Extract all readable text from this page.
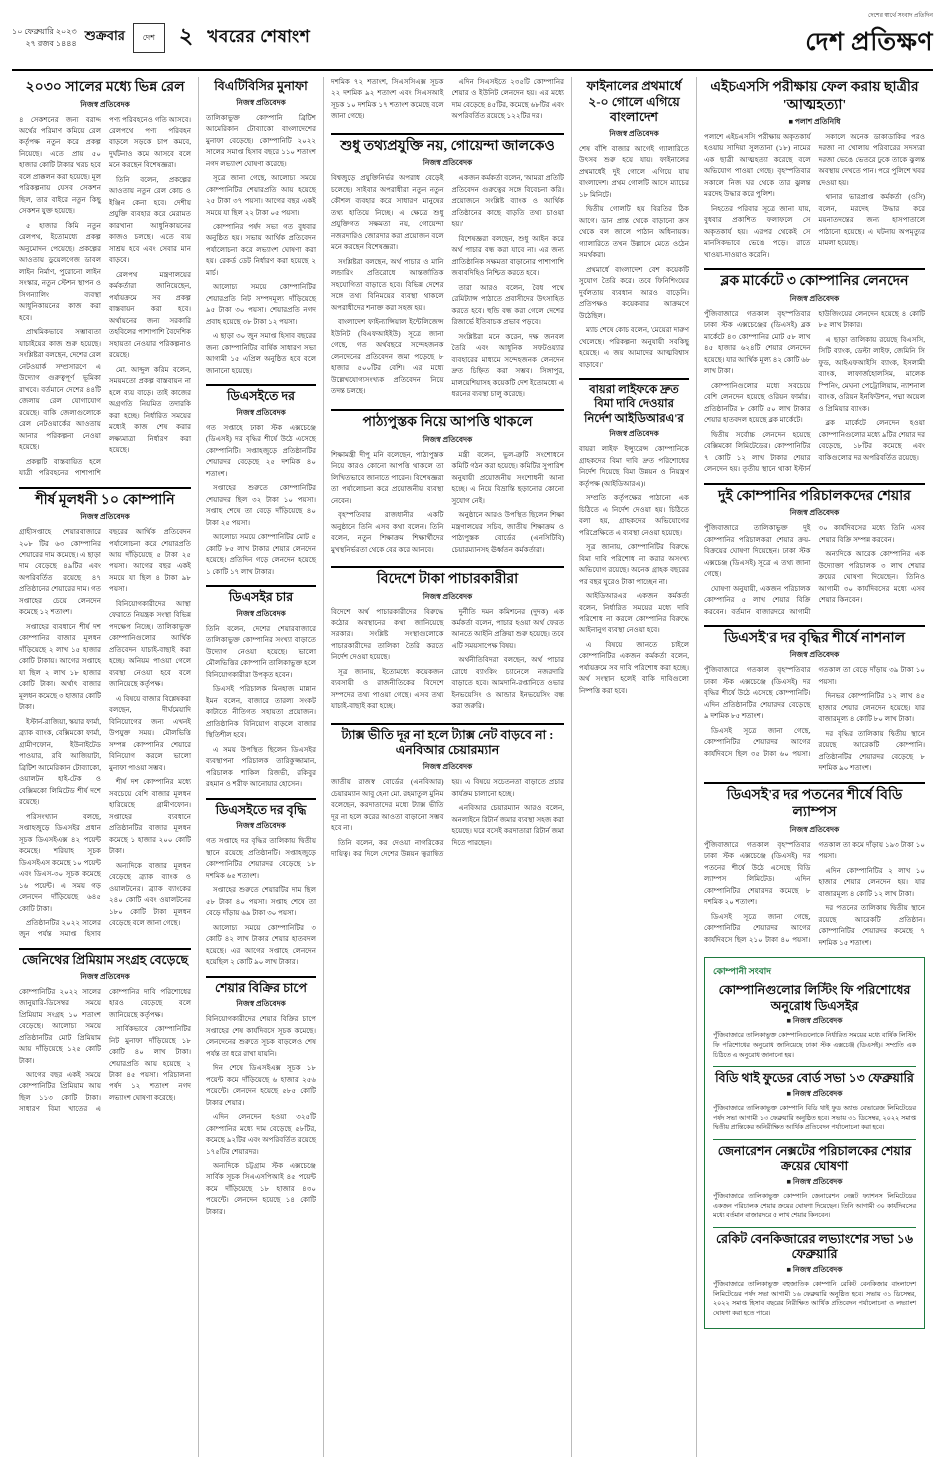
১০ ফেব্রুয়ারি ২০২৩
২৭ রজব ১৪৪৪ শুক্রবার দেশ ২ খবরের শেষাংশ
দেশের স্বার্থে সংবাদ প্রতিদিন
দেশ প্রতিক্ষণ
২০৩০ সালের মধ্যে ভিন্ন রেল
নিজস্ব প্রতিবেদক

৪ সেকশনের জন্য বরাদ্দ অর্থের পরিমাণ কমিয়ে রেল কর্তৃপক্ষ নতুন করে প্রকল্প নিয়েছে। এতে প্রায় ৫০ হাজার কোটি টাকার খরচ হবে বলে প্রাক্কলন করা হয়েছে। মূল পরিকল্পনায় যেসব সেকশন ছিল, তার বাইরে নতুন কিছু সেকশন যুক্ত হয়েছে।

৫ হাজার কিমি নতুন রেলপথ, ইতোমধ্যে প্রকল্প অনুমোদন পেয়েছে। প্রকল্পের আওতায় ডুয়েলগেজ ডাবল লাইন নির্মাণ, পুরোনো লাইন সংস্কার, নতুন স্টেশন স্থাপন ও সিগন্যালিং ব্যবস্থা আধুনিকায়নের কাজ করা হবে।

প্রাথমিকভাবে সম্ভাব্যতা যাচাইয়ের কাজ শুরু হয়েছে। সংশ্লিষ্টরা বলছেন, দেশের রেল নেটওয়ার্ক সম্প্রসারণে এ উদ্যোগ গুরুত্বপূর্ণ ভূমিকা রাখবে। বর্তমানে দেশের ৪৪টি জেলায় রেল যোগাযোগ রয়েছে। বাকি জেলাগুলোকে রেল নেটওয়ার্কের আওতায় আনার পরিকল্পনা নেওয়া হয়েছে।

প্রকল্পটি বাস্তবায়িত হলে যাত্রী পরিবহনের পাশাপাশি পণ্য পরিবহনেও গতি আসবে। রেলপথে পণ্য পরিবহন বাড়লে সড়কে চাপ কমবে, দুর্ঘটনাও কমে আসবে বলে মনে করছেন বিশেষজ্ঞরা।

তিনি বলেন, প্রকল্পের আওতায় নতুন রেল কোচ ও ইঞ্জিন কেনা হবে। দেশীয় প্রযুক্তি ব্যবহার করে মেরামত কারখানা আধুনিকায়নের কাজও চলছে। এতে ব্যয় সাশ্রয় হবে এবং সেবার মান বাড়বে।

রেলপথ মন্ত্রণালয়ের কর্মকর্তারা জানিয়েছেন, পর্যায়ক্রমে সব প্রকল্প বাস্তবায়ন করা হবে। অর্থায়নের জন্য সরকারি তহবিলের পাশাপাশি বৈদেশিক সহায়তা নেওয়ার পরিকল্পনাও রয়েছে।

মো. আব্দুল করিম বলেন, সময়মতো প্রকল্প বাস্তবায়ন না হলে ব্যয় বাড়ে। তাই কাজের অগ্রগতি নিয়মিত তদারকি করা হচ্ছে। নির্ধারিত সময়ের মধ্যেই কাজ শেষ করার লক্ষ্যমাত্রা নির্ধারণ করা হয়েছে।

শীর্ষ মূলধনী ১০ কোম্পানি
নিজস্ব প্রতিবেদক

গ্রাহীসপ্তাহে শেয়ারবাজারে ২০৮ টির ৬৩ কোম্পানির শেয়ারের দাম কমেছে। এ ছাড়া দাম বেড়েছে ৪৯টির এবং অপরিবর্তিত রয়েছে ৪৭ প্রতিষ্ঠানের শেয়ারের দাম। গত সপ্তাহের চেয়ে লেনদেন কমেছে ১২ শতাংশ।

সপ্তাহের ব্যবধানে শীর্ষ দশ কোম্পানির বাজার মূলধন দাঁড়িয়েছে ২ লাখ ১৫ হাজার কোটি টাকায়। আগের সপ্তাহে যা ছিল ২ লাখ ১৮ হাজার কোটি টাকা। অর্থাৎ বাজার মূলধন কমেছে ৩ হাজার কোটি টাকা।

ইস্টার্ন-রাজিয়া, স্কয়ার ফার্মা, ব্র্যাক ব্যাংক, বেক্সিমকো ফার্মা, গ্রামীণফোন, ইউনাইটেড পাওয়ার, রবি আজিয়াটা, ব্রিটিশ আমেরিকান টোব্যাকো, ওয়ালটন হাই-টেক ও বেক্সিমকো লিমিটেড শীর্ষ দশে রয়েছে।

পরিসংখ্যান বলছে, সপ্তাহজুড়ে ডিএসইর প্রধান সূচক ডিএসইএক্স ৪২ পয়েন্ট কমেছে। শরিয়াহ সূচক ডিএসইএস কমেছে ১০ পয়েন্ট এবং ডিএস-৩০ সূচক কমেছে ১৬ পয়েন্ট। এ সময় গড় লেনদেন দাঁড়িয়েছে ৬৪৫ কোটি টাকা।

প্রতিষ্ঠানটির ২০২২ সালের জুন পর্যন্ত সমাপ্ত হিসাব বছরের আর্থিক প্রতিবেদন পর্যালোচনা করে শেয়ারপ্রতি আয় দাঁড়িয়েছে ৫ টাকা ২৫ পয়সা। আগের বছর একই সময়ে যা ছিল ৪ টাকা ৯৮ পয়সা।

বিনিয়োগকারীদের আস্থা ফেরাতে নিয়ন্ত্রক সংস্থা বিভিন্ন পদক্ষেপ নিচ্ছে। তালিকাভুক্ত কোম্পানিগুলোর আর্থিক প্রতিবেদন যাচাই-বাছাই করা হচ্ছে। অনিয়ম পাওয়া গেলে ব্যবস্থা নেওয়া হবে বলে জানিয়েছে কর্তৃপক্ষ।

এ বিষয়ে বাজার বিশ্লেষকরা বলছেন, দীর্ঘমেয়াদি বিনিয়োগের জন্য এখনই উপযুক্ত সময়। মৌলভিত্তি সম্পন্ন কোম্পানির শেয়ারে বিনিয়োগ করলে ভালো মুনাফা পাওয়া সম্ভব।

শীর্ষ দশ কোম্পানির মধ্যে সবচেয়ে বেশি বাজার মূলধন হারিয়েছে গ্রামীণফোন। সপ্তাহের ব্যবধানে প্রতিষ্ঠানটির বাজার মূলধন কমেছে ১ হাজার ২০০ কোটি টাকা।

অন্যদিকে বাজার মূলধন বেড়েছে ব্র্যাক ব্যাংক ও ওয়ালটনের। ব্র্যাক ব্যাংকের ২৪০ কোটি এবং ওয়ালটনের ১৮০ কোটি টাকা মূলধন বেড়েছে বলে জানা গেছে।

জেনিথের প্রিমিয়াম সংগ্রহ বেড়েছে
নিজস্ব প্রতিবেদক

কোম্পানিটির ২০২২ সালের জানুয়ারি-ডিসেম্বর সময়ে প্রিমিয়াম সংগ্রহ ১০ শতাংশ বেড়েছে। আলোচ্য সময়ে প্রতিষ্ঠানটির মোট প্রিমিয়াম আয় দাঁড়িয়েছে ১২৫ কোটি টাকা।

আগের বছর একই সময়ে কোম্পানিটির প্রিমিয়াম আয় ছিল ১১৩ কোটি টাকা। সাধারণ বিমা খাতের এ কোম্পানির দাবি পরিশোধের হারও বেড়েছে বলে জানিয়েছে কর্তৃপক্ষ।

সার্বিকভাবে কোম্পানিটির নিট মুনাফা দাঁড়িয়েছে ১৮ কোটি ৪০ লাখ টাকা। শেয়ারপ্রতি আয় হয়েছে ২ টাকা ৪৫ পয়সা। পরিচালনা পর্ষদ ১২ শতাংশ নগদ লভ্যাংশ ঘোষণা করেছে।

বিএটিবিসির মুনাফা
নিজস্ব প্রতিবেদক

তালিকাভুক্ত কোম্পানি ব্রিটিশ আমেরিকান টোব্যাকো বাংলাদেশের মুনাফা বেড়েছে। কোম্পানিটি ২০২২ সালের সমাপ্ত হিসাব বছরে ১১০ শতাংশ নগদ লভ্যাংশ ঘোষণা করেছে।

সূত্রে জানা গেছে, আলোচ্য সময়ে কোম্পানিটির শেয়ারপ্রতি আয় হয়েছে ২৫ টাকা ৩৭ পয়সা। আগের বছর একই সময়ে যা ছিল ২২ টাকা ০৫ পয়সা।

কোম্পানির পর্ষদ সভা গত বুধবার অনুষ্ঠিত হয়। সভায় আর্থিক প্রতিবেদন পর্যালোচনা করে লভ্যাংশ ঘোষণা করা হয়। রেকর্ড ডেট নির্ধারণ করা হয়েছে ২ মার্চ।

আলোচ্য সময়ে কোম্পানিটির শেয়ারপ্রতি নিট সম্পদমূল্য দাঁড়িয়েছে ৯৫ টাকা ৩০ পয়সা। শেয়ারপ্রতি নগদ প্রবাহ হয়েছে ৩৮ টাকা ১২ পয়সা।

এ ছাড়া ৩০ জুন সমাপ্ত হিসাব বছরের জন্য কোম্পানিটির বার্ষিক সাধারণ সভা আগামী ১৫ এপ্রিল অনুষ্ঠিত হবে বলে জানানো হয়েছে।

ডিএসইতে দর
নিজস্ব প্রতিবেদক

গত সপ্তাহে ঢাকা স্টক এক্সচেঞ্জে (ডিএসই) দর বৃদ্ধির শীর্ষে উঠে এসেছে কোম্পানিটি। সপ্তাহজুড়ে প্রতিষ্ঠানটির শেয়ারদর বেড়েছে ২৫ দশমিক ৪০ শতাংশ।

সপ্তাহের শুরুতে কোম্পানিটির শেয়ারদর ছিল ৩২ টাকা ১০ পয়সা। সপ্তাহ শেষে তা বেড়ে দাঁড়িয়েছে ৪০ টাকা ২৫ পয়সা।

আলোচ্য সময়ে কোম্পানিটির মোট ৫ কোটি ৮৫ লাখ টাকার শেয়ার লেনদেন হয়েছে। প্রতিদিন গড়ে লেনদেন হয়েছে ১ কোটি ১৭ লাখ টাকার।

ডিএসইর চার
নিজস্ব প্রতিবেদক

তিনি বলেন, দেশের শেয়ারবাজারে তালিকাভুক্ত কোম্পানির সংখ্যা বাড়াতে উদ্যোগ নেওয়া হয়েছে। ভালো মৌলভিত্তির কোম্পানি তালিকাভুক্ত হলে বিনিয়োগকারীরা উপকৃত হবেন।

ডিএসই পরিচালক মিনহাজ মান্নান ইমন বলেন, বাজারে তারল্য সংকট কাটাতে নীতিগত সহায়তা প্রয়োজন। প্রাতিষ্ঠানিক বিনিয়োগ বাড়লে বাজার স্থিতিশীল হবে।

এ সময় উপস্থিত ছিলেন ডিএসইর ব্যবস্থাপনা পরিচালক তারিকুজ্জামান, পরিচালক শাকিল রিজভী, রকিবুর রহমান ও শরীফ আনোয়ার হোসেন।

ডিএসইতে দর বৃদ্ধি
নিজস্ব প্রতিবেদক

গত সপ্তাহে দর বৃদ্ধির তালিকায় দ্বিতীয় স্থানে রয়েছে প্রতিষ্ঠানটি। সপ্তাহজুড়ে কোম্পানিটির শেয়ারদর বেড়েছে ১৮ দশমিক ৬৫ শতাংশ।

সপ্তাহের শুরুতে শেয়ারটির দাম ছিল ৫৮ টাকা ৪০ পয়সা। সপ্তাহ শেষে তা বেড়ে দাঁড়ায় ৬৯ টাকা ৩০ পয়সা।

আলোচ্য সময়ে কোম্পানিটির ৩ কোটি ৪২ লাখ টাকার শেয়ার হাতবদল হয়েছে। এর আগের সপ্তাহে লেনদেন হয়েছিল ২ কোটি ৯০ লাখ টাকার।

শেয়ার বিক্রির চাপে
নিজস্ব প্রতিবেদক

বিনিয়োগকারীদের শেয়ার বিক্রির চাপে সপ্তাহের শেষ কার্যদিবসে সূচক কমেছে। লেনদেনের শুরুতে সূচক বাড়লেও শেষ পর্যন্ত তা ধরে রাখা যায়নি।

দিন শেষে ডিএসইএক্স সূচক ১৮ পয়েন্ট কমে দাঁড়িয়েছে ৬ হাজার ২৫৬ পয়েন্টে। লেনদেন হয়েছে ৫৮৫ কোটি টাকার শেয়ার।

এদিন লেনদেন হওয়া ৩২৫টি কোম্পানির মধ্যে দাম বেড়েছে ৫৮টির, কমেছে ৯২টির এবং অপরিবর্তিত রয়েছে ১৭৫টির শেয়ারদর।

অন্যদিকে চট্টগ্রাম স্টক এক্সচেঞ্জে সার্বিক সূচক সিএএসপিআই ৪৫ পয়েন্ট কমে দাঁড়িয়েছে ১৮ হাজার ৪৩০ পয়েন্টে। লেনদেন হয়েছে ১৪ কোটি টাকার।

দশমিক ৭২ শতাংশ, সিএসসিএক্স সূচক ২২ দশমিক ৯২ শতাংশ এবং সিএসআই সূচক ১০ দশমিক ১৭ শতাংশ কমেছে বলে জানা গেছে।

এদিন সিএসইতে ২৩৫টি কোম্পানির শেয়ার ও ইউনিট লেনদেন হয়। এর মধ্যে দাম বেড়েছে ৪৫টির, কমেছে ৬৮টির এবং অপরিবর্তিত রয়েছে ১২২টির দর।

শুধু তথ্যপ্রযুক্তি নয়, গোয়েন্দা জালকেও
নিজস্ব প্রতিবেদক

বিশ্বজুড়ে প্রযুক্তিনির্ভর অপরাধ বেড়েই চলেছে। সাইবার অপরাধীরা নতুন নতুন কৌশল ব্যবহার করে সাধারণ মানুষের তথ্য হাতিয়ে নিচ্ছে। এ ক্ষেত্রে শুধু প্রযুক্তিগত সক্ষমতা নয়, গোয়েন্দা নজরদারিও জোরদার করা প্রয়োজন বলে মনে করছেন বিশেষজ্ঞরা।

সংশ্লিষ্টরা বলছেন, অর্থ পাচার ও মানি লন্ডারিং প্রতিরোধে আন্তর্জাতিক সহযোগিতা বাড়াতে হবে। বিভিন্ন দেশের সঙ্গে তথ্য বিনিময়ের ব্যবস্থা থাকলে অপরাধীদের শনাক্ত করা সহজ হয়।

বাংলাদেশ ফাইন্যান্সিয়াল ইন্টেলিজেন্স ইউনিট (বিএফআইইউ) সূত্রে জানা গেছে, গত অর্থবছরে সন্দেহজনক লেনদেনের প্রতিবেদন জমা পড়েছে ৮ হাজার ৫০০টির বেশি। এর মধ্যে উল্লেখযোগ্যসংখ্যক প্রতিবেদন নিয়ে তদন্ত চলছে।

একজন কর্মকর্তা বলেন, 'আমরা প্রতিটি প্রতিবেদন গুরুত্বের সঙ্গে বিবেচনা করি। প্রয়োজনে সংশ্লিষ্ট ব্যাংক ও আর্থিক প্রতিষ্ঠানের কাছে বাড়তি তথ্য চাওয়া হয়।'

বিশেষজ্ঞরা বলছেন, শুধু আইন করে অর্থ পাচার বন্ধ করা যাবে না। এর জন্য প্রাতিষ্ঠানিক সক্ষমতা বাড়ানোর পাশাপাশি জবাবদিহিও নিশ্চিত করতে হবে।

তারা আরও বলেন, বৈধ পথে রেমিট্যান্স পাঠাতে প্রবাসীদের উৎসাহিত করতে হবে। হুন্ডি বন্ধ করা গেলে দেশের রিজার্ভে ইতিবাচক প্রভাব পড়বে।

সংশ্লিষ্টরা মনে করেন, দক্ষ জনবল তৈরি এবং আধুনিক সফটওয়্যার ব্যবহারের মাধ্যমে সন্দেহজনক লেনদেন দ্রুত চিহ্নিত করা সম্ভব। সিঙ্গাপুর, মালয়েশিয়াসহ কয়েকটি দেশ ইতোমধ্যে এ ধরনের ব্যবস্থা চালু করেছে।

পাঠ্যপুস্তক নিয়ে আপত্তি থাকলে
নিজস্ব প্রতিবেদক

শিক্ষামন্ত্রী দীপু মনি বলেছেন, পাঠ্যপুস্তক নিয়ে কারও কোনো আপত্তি থাকলে তা লিখিতভাবে জানাতে পারেন। বিশেষজ্ঞরা তা পর্যালোচনা করে প্রয়োজনীয় ব্যবস্থা নেবেন।

বৃহস্পতিবার রাজধানীর একটি অনুষ্ঠানে তিনি এসব কথা বলেন। তিনি বলেন, নতুন শিক্ষাক্রম শিক্ষার্থীদের মুখস্থনির্ভরতা থেকে বের করে আনবে।

মন্ত্রী বলেন, ভুল-ত্রুটি সংশোধনে কমিটি গঠন করা হয়েছে। কমিটির সুপারিশ অনুযায়ী প্রয়োজনীয় সংশোধনী আনা হচ্ছে। এ নিয়ে বিভ্রান্তি ছড়ানোর কোনো সুযোগ নেই।

অনুষ্ঠানে আরও উপস্থিত ছিলেন শিক্ষা মন্ত্রণালয়ের সচিব, জাতীয় শিক্ষাক্রম ও পাঠ্যপুস্তক বোর্ডের (এনসিটিবি) চেয়ারম্যানসহ ঊর্ধ্বতন কর্মকর্তারা।

বিদেশে টাকা পাচারকারীরা
নিজস্ব প্রতিবেদক

বিদেশে অর্থ পাচারকারীদের বিরুদ্ধে কঠোর অবস্থানের কথা জানিয়েছে সরকার। সংশ্লিষ্ট সংস্থাগুলোকে পাচারকারীদের তালিকা তৈরি করতে নির্দেশ দেওয়া হয়েছে।

সূত্র জানায়, ইতোমধ্যে কয়েকজন ব্যবসায়ী ও রাজনীতিকের বিদেশে সম্পদের তথ্য পাওয়া গেছে। এসব তথ্য যাচাই-বাছাই করা হচ্ছে।

দুর্নীতি দমন কমিশনের (দুদক) এক কর্মকর্তা বলেন, পাচার হওয়া অর্থ ফেরত আনতে আইনি প্রক্রিয়া শুরু হয়েছে। তবে এটি সময়সাপেক্ষ বিষয়।

অর্থনীতিবিদরা বলছেন, অর্থ পাচার রোধে ব্যাংকিং চ্যানেলে নজরদারি বাড়াতে হবে। আমদানি-রপ্তানিতে ওভার ইনভয়েসিং ও আন্ডার ইনভয়েসিং বন্ধ করা জরুরি।

ট্যাক্স ভীতি দূর না হলে ট্যাক্স নেট বাড়বে না : এনবিআর চেয়ারম্যান
নিজস্ব প্রতিবেদক

জাতীয় রাজস্ব বোর্ডের (এনবিআর) চেয়ারম্যান আবু হেনা মো. রহমাতুল মুনিম বলেছেন, করদাতাদের মধ্যে ট্যাক্স ভীতি দূর না হলে করের আওতা বাড়ানো সম্ভব হবে না।

তিনি বলেন, কর দেওয়া নাগরিকের দায়িত্ব। কর দিলে দেশের উন্নয়ন ত্বরান্বিত হয়। এ বিষয়ে সচেতনতা বাড়াতে প্রচার কার্যক্রম চালানো হচ্ছে।

এনবিআর চেয়ারম্যান আরও বলেন, অনলাইনে রিটার্ন জমার ব্যবস্থা সহজ করা হয়েছে। ঘরে বসেই করদাতারা রিটার্ন জমা দিতে পারছেন।

ফাইনালের প্রথমার্ধে ২-০ গোলে এগিয়ে বাংলাদেশ
নিজস্ব প্রতিবেদক

শেষ বাঁশি বাজার আগেই গ্যালারিতে উৎসব শুরু হয়ে যায়। ফাইনালের প্রথমার্ধেই দুই গোলে এগিয়ে যায় বাংলাদেশ। প্রথম গোলটি আসে ম্যাচের ১৮ মিনিটে।

দ্বিতীয় গোলটি হয় বিরতির ঠিক আগে। ডান প্রান্ত থেকে বাড়ানো ক্রস থেকে বল জালে পাঠান অধিনায়ক। গ্যালারিতে তখন উল্লাসে মেতে ওঠেন সমর্থকরা।

প্রথমার্ধে বাংলাদেশ বেশ কয়েকটি সুযোগ তৈরি করে। তবে ফিনিশিংয়ের দুর্বলতায় ব্যবধান আরও বাড়েনি। প্রতিপক্ষও কয়েকবার আক্রমণে উঠেছিল।

ম্যাচ শেষে কোচ বলেন, 'মেয়েরা দারুণ খেলেছে। পরিকল্পনা অনুযায়ী সবকিছু হয়েছে। এ জয় আমাদের আত্মবিশ্বাস বাড়াবে।'

বায়রা লাইফকে দ্রুত বিমা দাবি দেওয়ার নির্দেশ আইডিআরএ'র
নিজস্ব প্রতিবেদক

বায়রা লাইফ ইন্স্যুরেন্স কোম্পানিকে গ্রাহকদের বিমা দাবি দ্রুত পরিশোধের নির্দেশ দিয়েছে বিমা উন্নয়ন ও নিয়ন্ত্রণ কর্তৃপক্ষ (আইডিআরএ)।

সম্প্রতি কর্তৃপক্ষের পাঠানো এক চিঠিতে এ নির্দেশ দেওয়া হয়। চিঠিতে বলা হয়, গ্রাহকদের অভিযোগের পরিপ্রেক্ষিতে এ ব্যবস্থা নেওয়া হয়েছে।

সূত্র জানায়, কোম্পানিটির বিরুদ্ধে বিমা দাবি পরিশোধ না করার অসংখ্য অভিযোগ রয়েছে। অনেক গ্রাহক বছরের পর বছর ঘুরেও টাকা পাচ্ছেন না।

আইডিআরএর একজন কর্মকর্তা বলেন, নির্ধারিত সময়ের মধ্যে দাবি পরিশোধ না করলে কোম্পানির বিরুদ্ধে আইনানুগ ব্যবস্থা নেওয়া হবে।

এ বিষয়ে জানতে চাইলে কোম্পানিটির একজন কর্মকর্তা বলেন, পর্যায়ক্রমে সব দাবি পরিশোধ করা হচ্ছে। অর্থ সংস্থান হলেই বাকি দাবিগুলো নিষ্পত্তি করা হবে।

এইচএসসি পরীক্ষায় ফেল করায় ছাত্রীর 'আত্মহত্যা'
■ পলাশ প্রতিনিধি

পলাশে এইচএসসি পরীক্ষায় অকৃতকার্য হওয়ায় সাদিয়া সুলতানা (১৮) নামের এক ছাত্রী আত্মহত্যা করেছে বলে অভিযোগ পাওয়া গেছে। বৃহস্পতিবার সকালে নিজ ঘর থেকে তার ঝুলন্ত মরদেহ উদ্ধার করে পুলিশ।

নিহতের পরিবার সূত্রে জানা যায়, বুধবার প্রকাশিত ফলাফলে সে অকৃতকার্য হয়। এরপর থেকেই সে মানসিকভাবে ভেঙে পড়ে। রাতে খাওয়া-দাওয়াও করেনি।

সকালে অনেক ডাকাডাকির পরও দরজা না খোলায় পরিবারের সদস্যরা দরজা ভেঙে ভেতরে ঢুকে তাকে ঝুলন্ত অবস্থায় দেখতে পান। পরে পুলিশে খবর দেওয়া হয়।

থানার ভারপ্রাপ্ত কর্মকর্তা (ওসি) বলেন, মরদেহ উদ্ধার করে ময়নাতদন্তের জন্য হাসপাতালে পাঠানো হয়েছে। এ ঘটনায় অপমৃত্যুর মামলা হয়েছে।

ব্লক মার্কেটে ৩ কোম্পানির লেনদেন
নিজস্ব প্রতিবেদক

পুঁজিবাজারে গতকাল বৃহস্পতিবার ঢাকা স্টক এক্সচেঞ্জের (ডিএসই) ব্লক মার্কেটে ৪৩ কোম্পানির মোট ৫৮ লাখ ৪৫ হাজার ৬২৪টি শেয়ার লেনদেন হয়েছে। যার আর্থিক মূল্য ৪২ কোটি ৬৮ লাখ টাকা।

কোম্পানিগুলোর মধ্যে সবচেয়ে বেশি লেনদেন হয়েছে ওরিয়ন ফার্মার। প্রতিষ্ঠানটির ৮ কোটি ৫০ লাখ টাকার শেয়ার হাতবদল হয়েছে ব্লক মার্কেটে।

দ্বিতীয় সর্বোচ্চ লেনদেন হয়েছে বেক্সিমকো লিমিটেডের। কোম্পানিটির ৭ কোটি ১২ লাখ টাকার শেয়ার লেনদেন হয়। তৃতীয় স্থানে থাকা ইস্টার্ন হাউজিংয়ের লেনদেন হয়েছে ৪ কোটি ৮৫ লাখ টাকার।

এ ছাড়া তালিকায় রয়েছে বিএসসি, সিটি ব্যাংক, ডেল্টা লাইফ, জেমিনি সি ফুড, আইএফআইসি ব্যাংক, ইসলামী ব্যাংক, লাফার্জহোলসিম, মালেক স্পিনিং, মেঘনা পেট্রোলিয়াম, ন্যাশনাল ব্যাংক, ওরিয়ন ইনফিউশন, পদ্মা অয়েল ও প্রিমিয়ার ব্যাংক।

ব্লক মার্কেটে লেনদেন হওয়া কোম্পানিগুলোর মধ্যে ৯টির শেয়ার দর বেড়েছে, ১৮টির কমেছে এবং বাকিগুলোর দর অপরিবর্তিত রয়েছে।

দুই কোম্পানির পরিচালকদের শেয়ার
নিজস্ব প্রতিবেদক

পুঁজিবাজারে তালিকাভুক্ত দুই কোম্পানির পরিচালকরা শেয়ার ক্রয়-বিক্রয়ের ঘোষণা দিয়েছেন। ঢাকা স্টক এক্সচেঞ্জ (ডিএসই) সূত্রে এ তথ্য জানা গেছে।

ঘোষণা অনুযায়ী, একজন পরিচালক কোম্পানির ৫ লাখ শেয়ার বিক্রি করবেন। বর্তমান বাজারদরে আগামী ৩০ কার্যদিবসের মধ্যে তিনি এসব শেয়ার বিক্রি সম্পন্ন করবেন।

অন্যদিকে আরেক কোম্পানির এক উদ্যোক্তা পরিচালক ৩ লাখ শেয়ার ক্রয়ের ঘোষণা দিয়েছেন। তিনিও আগামী ৩০ কার্যদিবসের মধ্যে এসব শেয়ার কিনবেন।

ডিএসই'র দর বৃদ্ধির শীর্ষে নাশনাল
নিজস্ব প্রতিবেদক

পুঁজিবাজারে গতকাল বৃহস্পতিবার ঢাকা স্টক এক্সচেঞ্জে (ডিএসই) দর বৃদ্ধির শীর্ষে উঠে এসেছে কোম্পানিটি। এদিন প্রতিষ্ঠানটির শেয়ারদর বেড়েছে ৯ দশমিক ৮৫ শতাংশ।

ডিএসই সূত্রে জানা গেছে, কোম্পানিটির শেয়ারদর আগের কার্যদিবসে ছিল ৩৫ টাকা ৬০ পয়সা। গতকাল তা বেড়ে দাঁড়ায় ৩৯ টাকা ১০ পয়সা।

দিনভর কোম্পানিটির ১২ লাখ ৪৫ হাজার শেয়ার লেনদেন হয়েছে। যার বাজারমূল্য ৪ কোটি ৮০ লাখ টাকা।

দর বৃদ্ধির তালিকায় দ্বিতীয় স্থানে রয়েছে আরেকটি কোম্পানি। প্রতিষ্ঠানটির শেয়ারদর বেড়েছে ৮ দশমিক ৯০ শতাংশ।

ডিএসই'র দর পতনের শীর্ষে বিডি ল্যাম্পস
নিজস্ব প্রতিবেদক

পুঁজিবাজারে গতকাল বৃহস্পতিবার ঢাকা স্টক এক্সচেঞ্জে (ডিএসই) দর পতনের শীর্ষে উঠে এসেছে বিডি ল্যাম্পস লিমিটেড। এদিন কোম্পানিটির শেয়ারদর কমেছে ৮ দশমিক ২০ শতাংশ।

ডিএসই সূত্রে জানা গেছে, কোম্পানিটির শেয়ারদর আগের কার্যদিবসে ছিল ২১০ টাকা ৪০ পয়সা। গতকাল তা কমে দাঁড়ায় ১৯৩ টাকা ১০ পয়সা।

এদিন কোম্পানিটির ২ লাখ ১০ হাজার শেয়ার লেনদেন হয়। যার বাজারমূল্য ৪ কোটি ১২ লাখ টাকা।

দর পতনের তালিকায় দ্বিতীয় স্থানে রয়েছে আরেকটি প্রতিষ্ঠান। কোম্পানিটির শেয়ারদর কমেছে ৭ দশমিক ১৫ শতাংশ।

কোম্পানী সংবাদ
কোম্পানিগুলোর লিস্টিং ফি পরিশোধের অনুরোধ ডিএসইর
■ নিজস্ব প্রতিবেদক

পুঁজিবাজারে তালিকাভুক্ত কোম্পানিগুলোকে নির্ধারিত সময়ের মধ্যে বার্ষিক লিস্টিং ফি পরিশোধের অনুরোধ জানিয়েছে ঢাকা স্টক এক্সচেঞ্জ (ডিএসই)। সম্প্রতি এক চিঠিতে এ অনুরোধ জানানো হয়।

বিডি থাই ফুডের বোর্ড সভা ১৩ ফেব্রুয়ারি
■ নিজস্ব প্রতিবেদক

পুঁজিবাজারে তালিকাভুক্ত কোম্পানি বিডি থাই ফুড অ্যান্ড বেভারেজ লিমিটেডের পর্ষদ সভা আগামী ১৩ ফেব্রুয়ারি অনুষ্ঠিত হবে। সভায় ৩১ ডিসেম্বর, ২০২২ সমাপ্ত দ্বিতীয় প্রান্তিকের অনিরীক্ষিত আর্থিক প্রতিবেদন পর্যালোচনা করা হবে।

জেনারেশন নেক্সটের পরিচালকের শেয়ার ক্রয়ের ঘোষণা
■ নিজস্ব প্রতিবেদক

পুঁজিবাজারে তালিকাভুক্ত কোম্পানি জেনারেশন নেক্সট ফ্যাশনস লিমিটেডের একজন পরিচালক শেয়ার ক্রয়ের ঘোষণা দিয়েছেন। তিনি আগামী ৩০ কার্যদিবসের মধ্যে বর্তমান বাজারদরে ৫ লাখ শেয়ার কিনবেন।

রেকিট বেনকিজারের লভ্যাংশের সভা ১৬ ফেব্রুয়ারি
■ নিজস্ব প্রতিবেদক

পুঁজিবাজারে তালিকাভুক্ত বহুজাতিক কোম্পানি রেকিট বেনকিজার বাংলাদেশ লিমিটেডের পর্ষদ সভা আগামী ১৬ ফেব্রুয়ারি অনুষ্ঠিত হবে। সভায় ৩১ ডিসেম্বর, ২০২২ সমাপ্ত হিসাব বছরের নিরীক্ষিত আর্থিক প্রতিবেদন পর্যালোচনা ও লভ্যাংশ ঘোষণা করা হতে পারে।
